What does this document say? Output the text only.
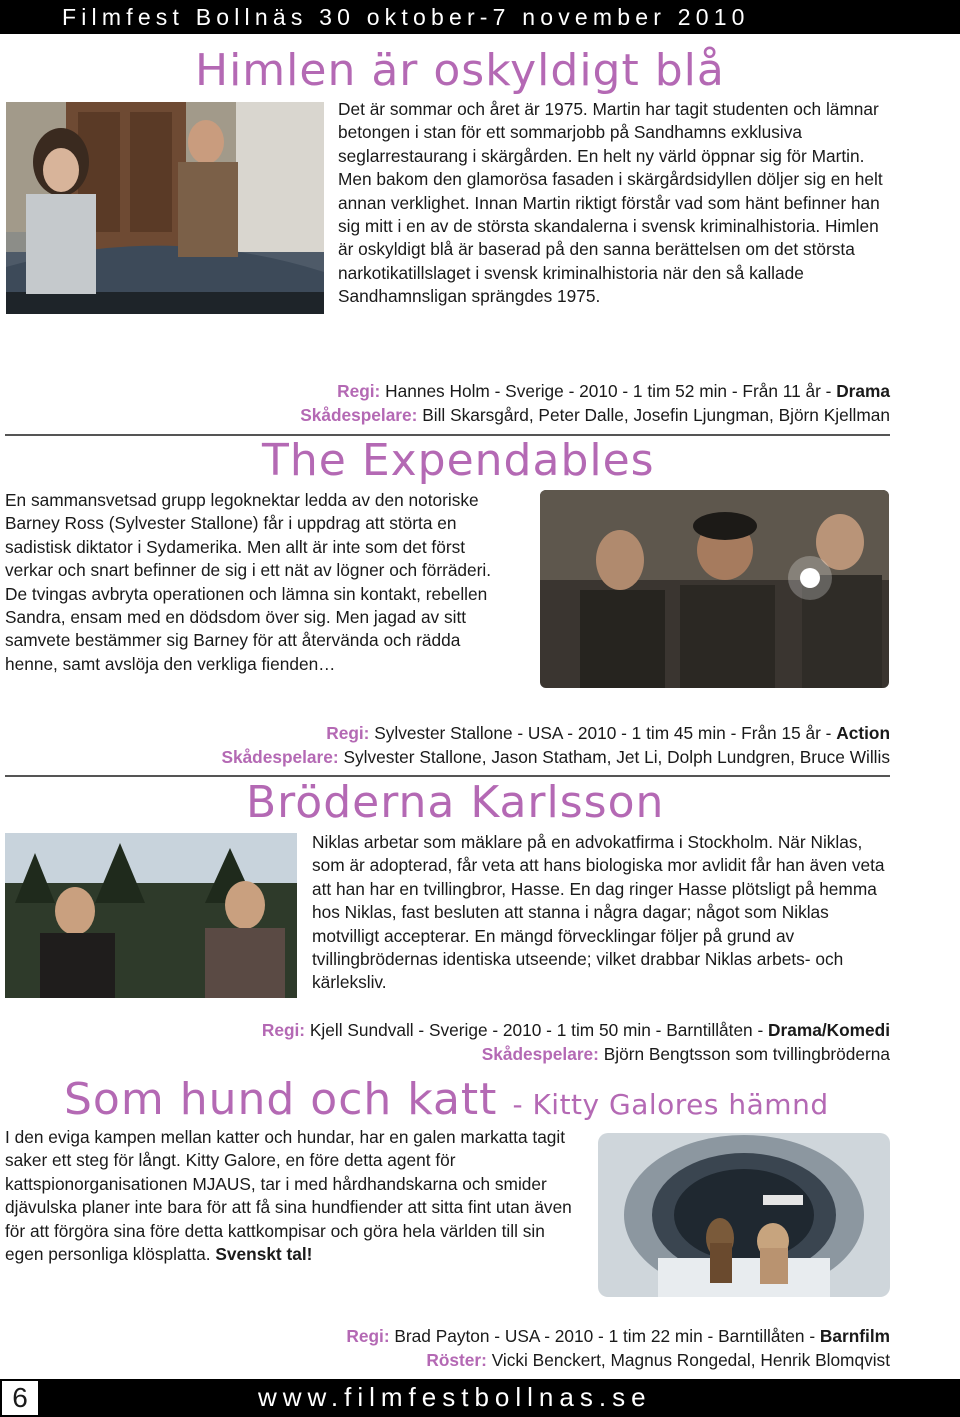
Filmfest Bollnäs 30 oktober-7 november 2010
Himlen är oskyldigt blå

Det är sommar och året är 1975. Martin har tagit studenten och lämnar betongen i stan för ett sommarjobb på Sandhamns exklusiva seglarrestaurang i skärgården. En helt ny värld öppnar sig för Martin. Men bakom den glamorösa fasaden i skärgårdsidyllen döljer sig en helt annan verklighet. Innan Martin riktigt förstår vad som hänt befinner han sig mitt i en av de största skandalerna i svensk kriminalhistoria. Himlen är oskyldigt blå är baserad på den sanna berättelsen om det största narkotikatillslaget i svensk kriminalhistoria när den så kallade Sandhamnsligan sprängdes 1975.

Regi: Hannes Holm - Sverige - 2010 - 1 tim 52 min - Från 11 år - Drama
Skådespelare: Bill Skarsgård, Peter Dalle, Josefin Ljungman, Björn Kjellman
The Expendables

En sammansvetsad grupp legoknektar ledda av den notoriske Barney Ross (Sylvester Stallone) får i uppdrag att störta en sadistisk diktator i Sydamerika. Men allt är inte som det först verkar och snart befinner de sig i ett nät av lögner och förräderi. De tvingas avbryta operationen och lämna sin kontakt, rebellen Sandra, ensam med en dödsdom över sig. Men jagad av sitt samvete bestämmer sig Barney för att återvända och rädda henne, samt avslöja den verkliga fienden…

Regi: Sylvester Stallone - USA - 2010 - 1 tim 45 min - Från 15 år - Action
Skådespelare: Sylvester Stallone, Jason Statham, Jet Li, Dolph Lundgren, Bruce Willis
Bröderna Karlsson

Niklas arbetar som mäklare på en advokatfirma i Stockholm. När Niklas, som är adopterad, får veta att hans biologiska mor avlidit får han även veta att han har en tvillingbror, Hasse. En dag ringer Hasse plötsligt på hemma hos Niklas, fast besluten att stanna i några dagar; något som Niklas motvilligt accepterar. En mängd förvecklingar följer på grund av tvillingbrödernas identiska utseende; vilket drabbar Niklas arbets- och kärleksliv.

Regi: Kjell Sundvall - Sverige - 2010 - 1 tim 50 min - Barntillåten - Drama/Komedi
Skådespelare: Björn Bengtsson som tvillingbröderna
Som hund och katt - Kitty Galores hämnd

I den eviga kampen mellan katter och hundar, har en galen markatta tagit saker ett steg för långt. Kitty Galore, en före detta agent för kattspionorganisationen MJAUS, tar i med hårdhandskarna och smider djävulska planer inte bara för att få sina hundfiender att sitta fint utan även för att förgöra sina före detta kattkompisar och göra hela världen till sin egen personliga klösplatta. Svenskt tal!

Regi: Brad Payton - USA - 2010 - 1 tim 22 min - Barntillåten - Barnfilm
Röster: Vicki Benckert, Magnus Rongedal, Henrik Blomqvist
6	www.filmfestbollnas.se
